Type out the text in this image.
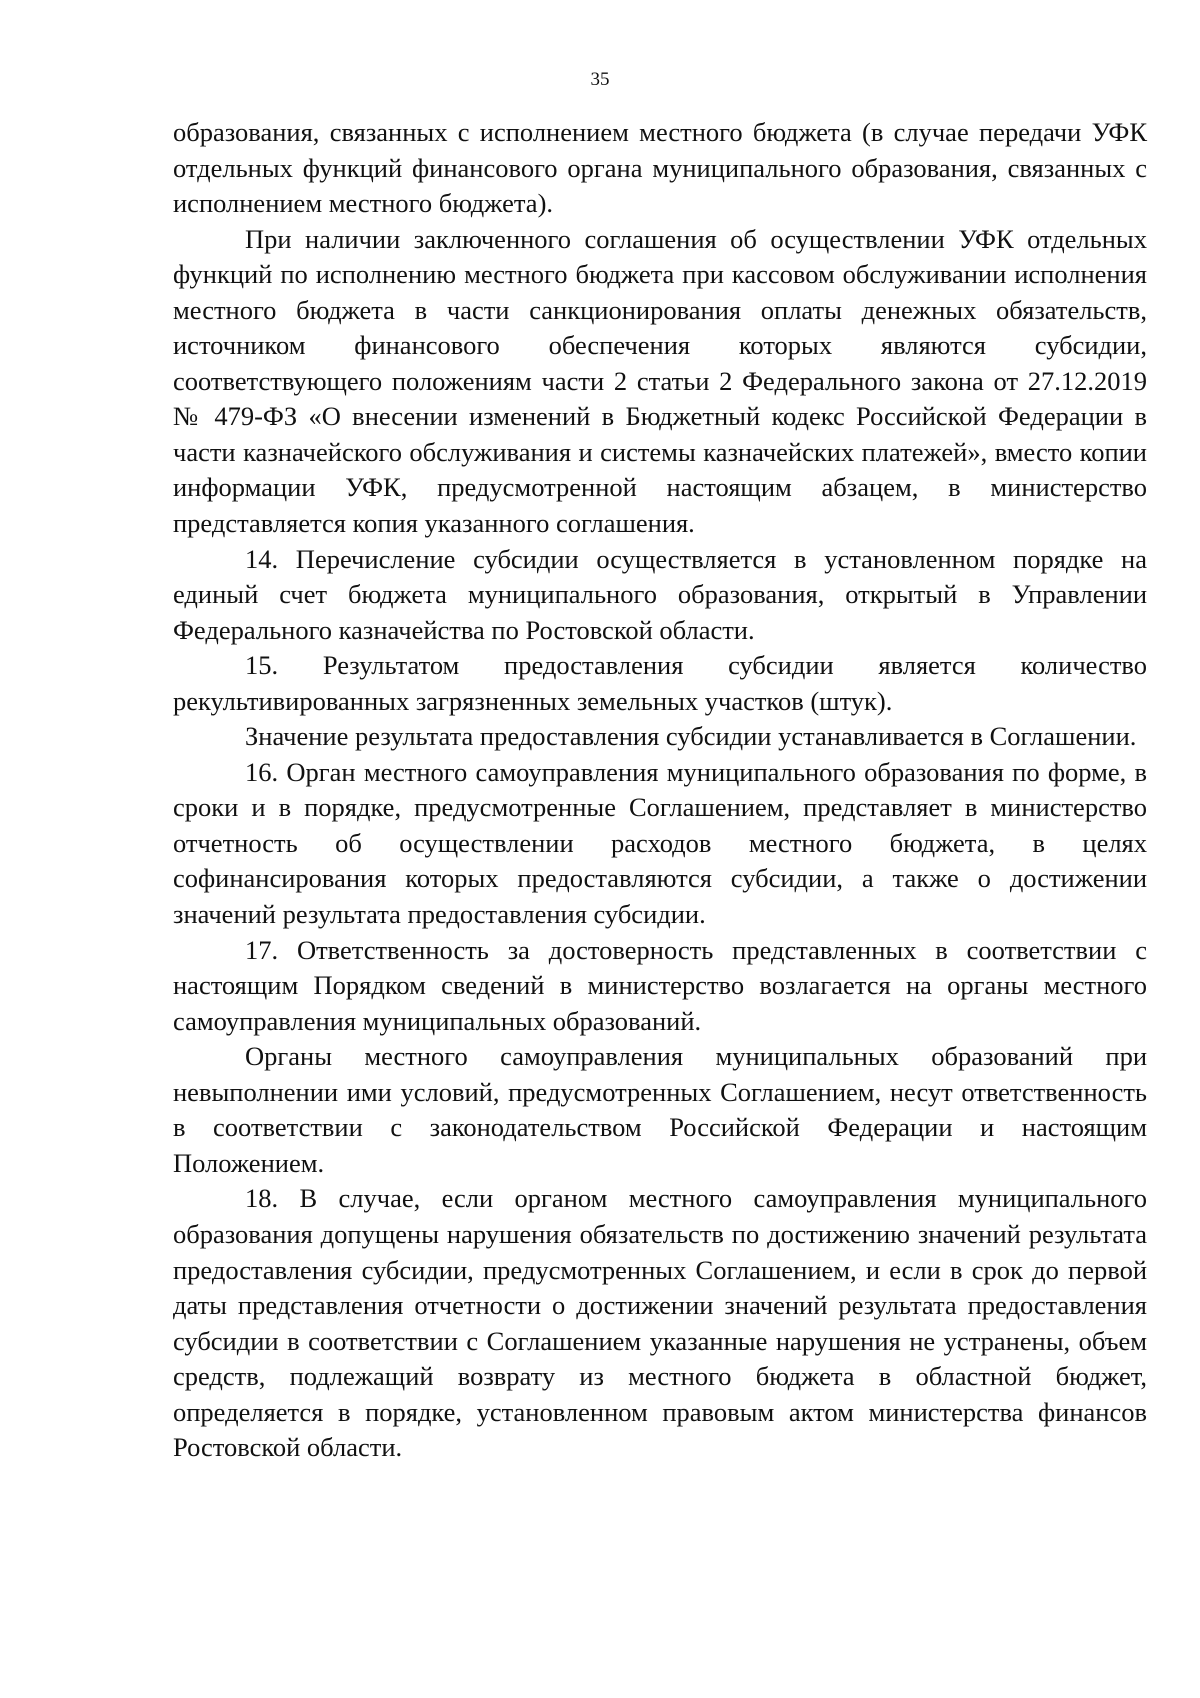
35

образования, связанных с исполнением местного бюджета (в случае передачи УФК отдельных функций финансового органа муниципального образования, связанных с исполнением местного бюджета).

При наличии заключенного соглашения об осуществлении УФК отдельных функций по исполнению местного бюджета при кассовом обслуживании исполнения местного бюджета в части санкционирования оплаты денежных обязательств, источником финансового обеспечения которых являются субсидии, соответствующего положениям части 2 статьи 2 Федерального закона от 27.12.2019 № 479-ФЗ «О внесении изменений в Бюджетный кодекс Российской Федерации в части казначейского обслуживания и системы казначейских платежей», вместо копии информации УФК, предусмотренной настоящим абзацем, в министерство представляется копия указанного соглашения.

14. Перечисление субсидии осуществляется в установленном порядке на единый счет бюджета муниципального образования, открытый в Управлении Федерального казначейства по Ростовской области.

15. Результатом предоставления субсидии является количество рекультивированных загрязненных земельных участков (штук).

Значение результата предоставления субсидии устанавливается в Соглашении.

16. Орган местного самоуправления муниципального образования по форме, в сроки и в порядке, предусмотренные Соглашением, представляет в министерство отчетность об осуществлении расходов местного бюджета, в целях софинансирования которых предоставляются субсидии, а также о достижении значений результата предоставления субсидии.

17. Ответственность за достоверность представленных в соответствии с настоящим Порядком сведений в министерство возлагается на органы местного самоуправления муниципальных образований.

Органы местного самоуправления муниципальных образований при невыполнении ими условий, предусмотренных Соглашением, несут ответственность в соответствии с законодательством Российской Федерации и настоящим Положением.

18. В случае, если органом местного самоуправления муниципального образования допущены нарушения обязательств по достижению значений результата предоставления субсидии, предусмотренных Соглашением, и если в срок до первой даты представления отчетности о достижении значений результата предоставления субсидии в соответствии с Соглашением указанные нарушения не устранены, объем средств, подлежащий возврату из местного бюджета в областной бюджет, определяется в порядке, установленном правовым актом министерства финансов Ростовской области.
